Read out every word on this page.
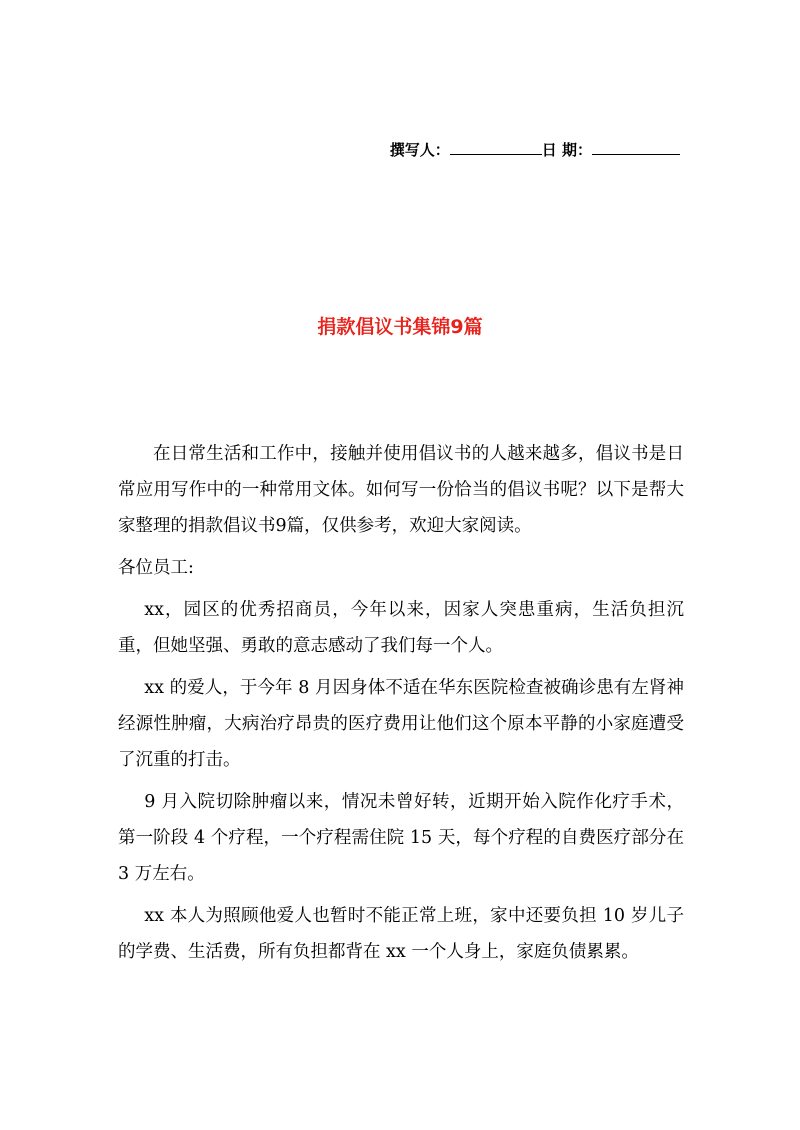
撰写人：	日 期：
捐款倡议书集锦9篇

在日常生活和工作中，接触并使用倡议书的人越来越多，倡议书是日常应用写作中的一种常用文体。如何写一份恰当的倡议书呢？以下是帮大家整理的捐款倡议书9篇，仅供参考，欢迎大家阅读。

各位员工:

xx，园区的优秀招商员，今年以来，因家人突患重病，生活负担沉重，但她坚强、勇敢的意志感动了我们每一个人。

xx 的爱人，于今年 8 月因身体不适在华东医院检查被确诊患有左肾神经源性肿瘤，大病治疗昂贵的医疗费用让他们这个原本平静的小家庭遭受了沉重的打击。

9 月入院切除肿瘤以来，情况未曾好转，近期开始入院作化疗手术，第一阶段 4 个疗程，一个疗程需住院 15 天，每个疗程的自费医疗部分在 3 万左右。

xx 本人为照顾他爱人也暂时不能正常上班，家中还要负担 10 岁儿子的学费、生活费，所有负担都背在 xx 一个人身上，家庭负债累累。
